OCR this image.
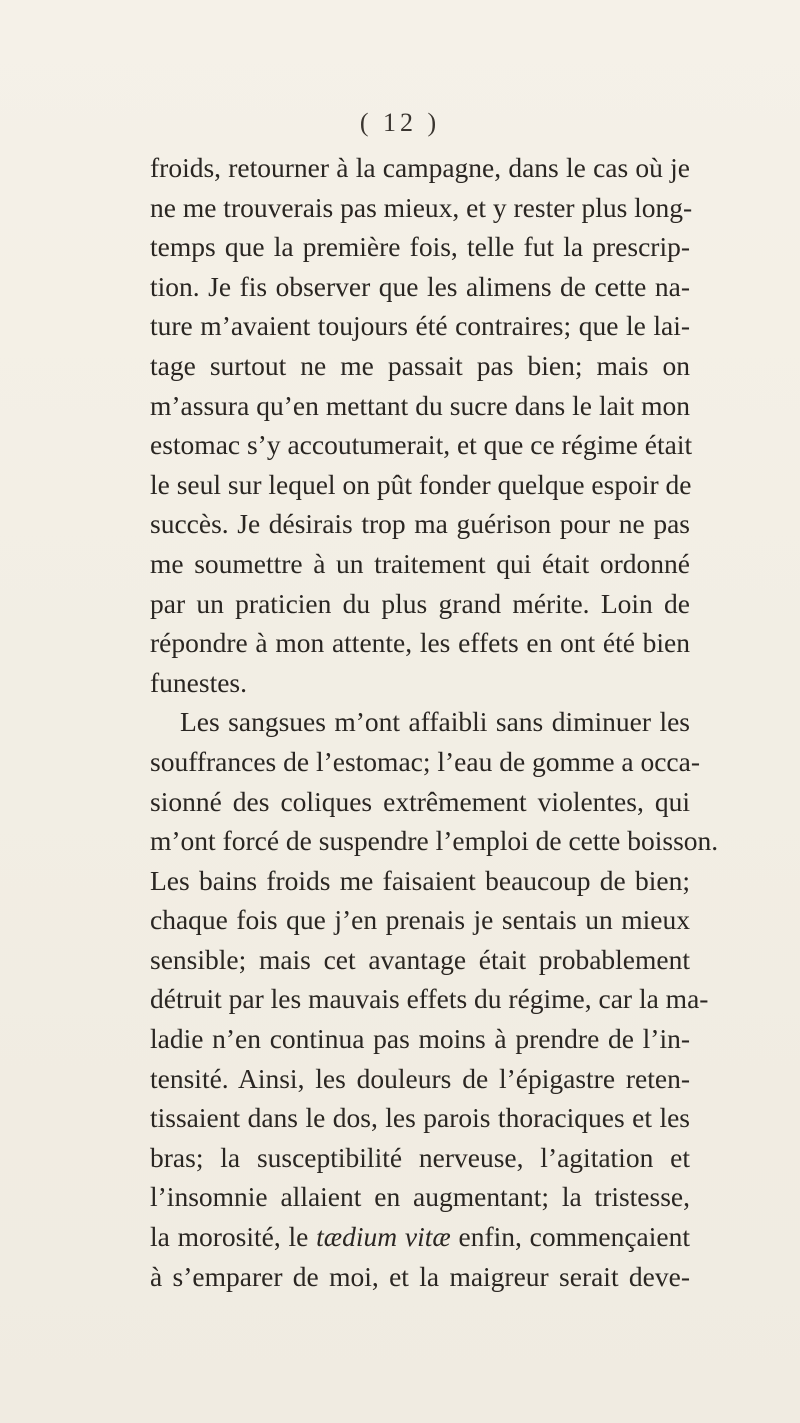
( 12 )
froids, retourner à la campagne, dans le cas où je
ne me trouverais pas mieux, et y rester plus long-
temps que la première fois, telle fut la prescrip-
tion. Je fis observer que les alimens de cette na-
ture m’avaient toujours été contraires; que le lai-
tage surtout ne me passait pas bien; mais on
m’assura qu’en mettant du sucre dans le lait mon
estomac s’y accoutumerait, et que ce régime était
le seul sur lequel on pût fonder quelque espoir de
succès. Je désirais trop ma guérison pour ne pas
me soumettre à un traitement qui était ordonné
par un praticien du plus grand mérite. Loin de
répondre à mon attente, les effets en ont été bien
funestes.
Les sangsues m’ont affaibli sans diminuer les
souffrances de l’estomac; l’eau de gomme a occa-
sionné des coliques extrêmement violentes, qui
m’ont forcé de suspendre l’emploi de cette boisson.
Les bains froids me faisaient beaucoup de bien;
chaque fois que j’en prenais je sentais un mieux
sensible; mais cet avantage était probablement
détruit par les mauvais effets du régime, car la ma-
ladie n’en continua pas moins à prendre de l’in-
tensité. Ainsi, les douleurs de l’épigastre reten-
tissaient dans le dos, les parois thoraciques et les
bras; la susceptibilité nerveuse, l’agitation et
l’insomnie allaient en augmentant; la tristesse,
la morosité, le tædium vitæ enfin, commençaient
à s’emparer de moi, et la maigreur serait deve-
